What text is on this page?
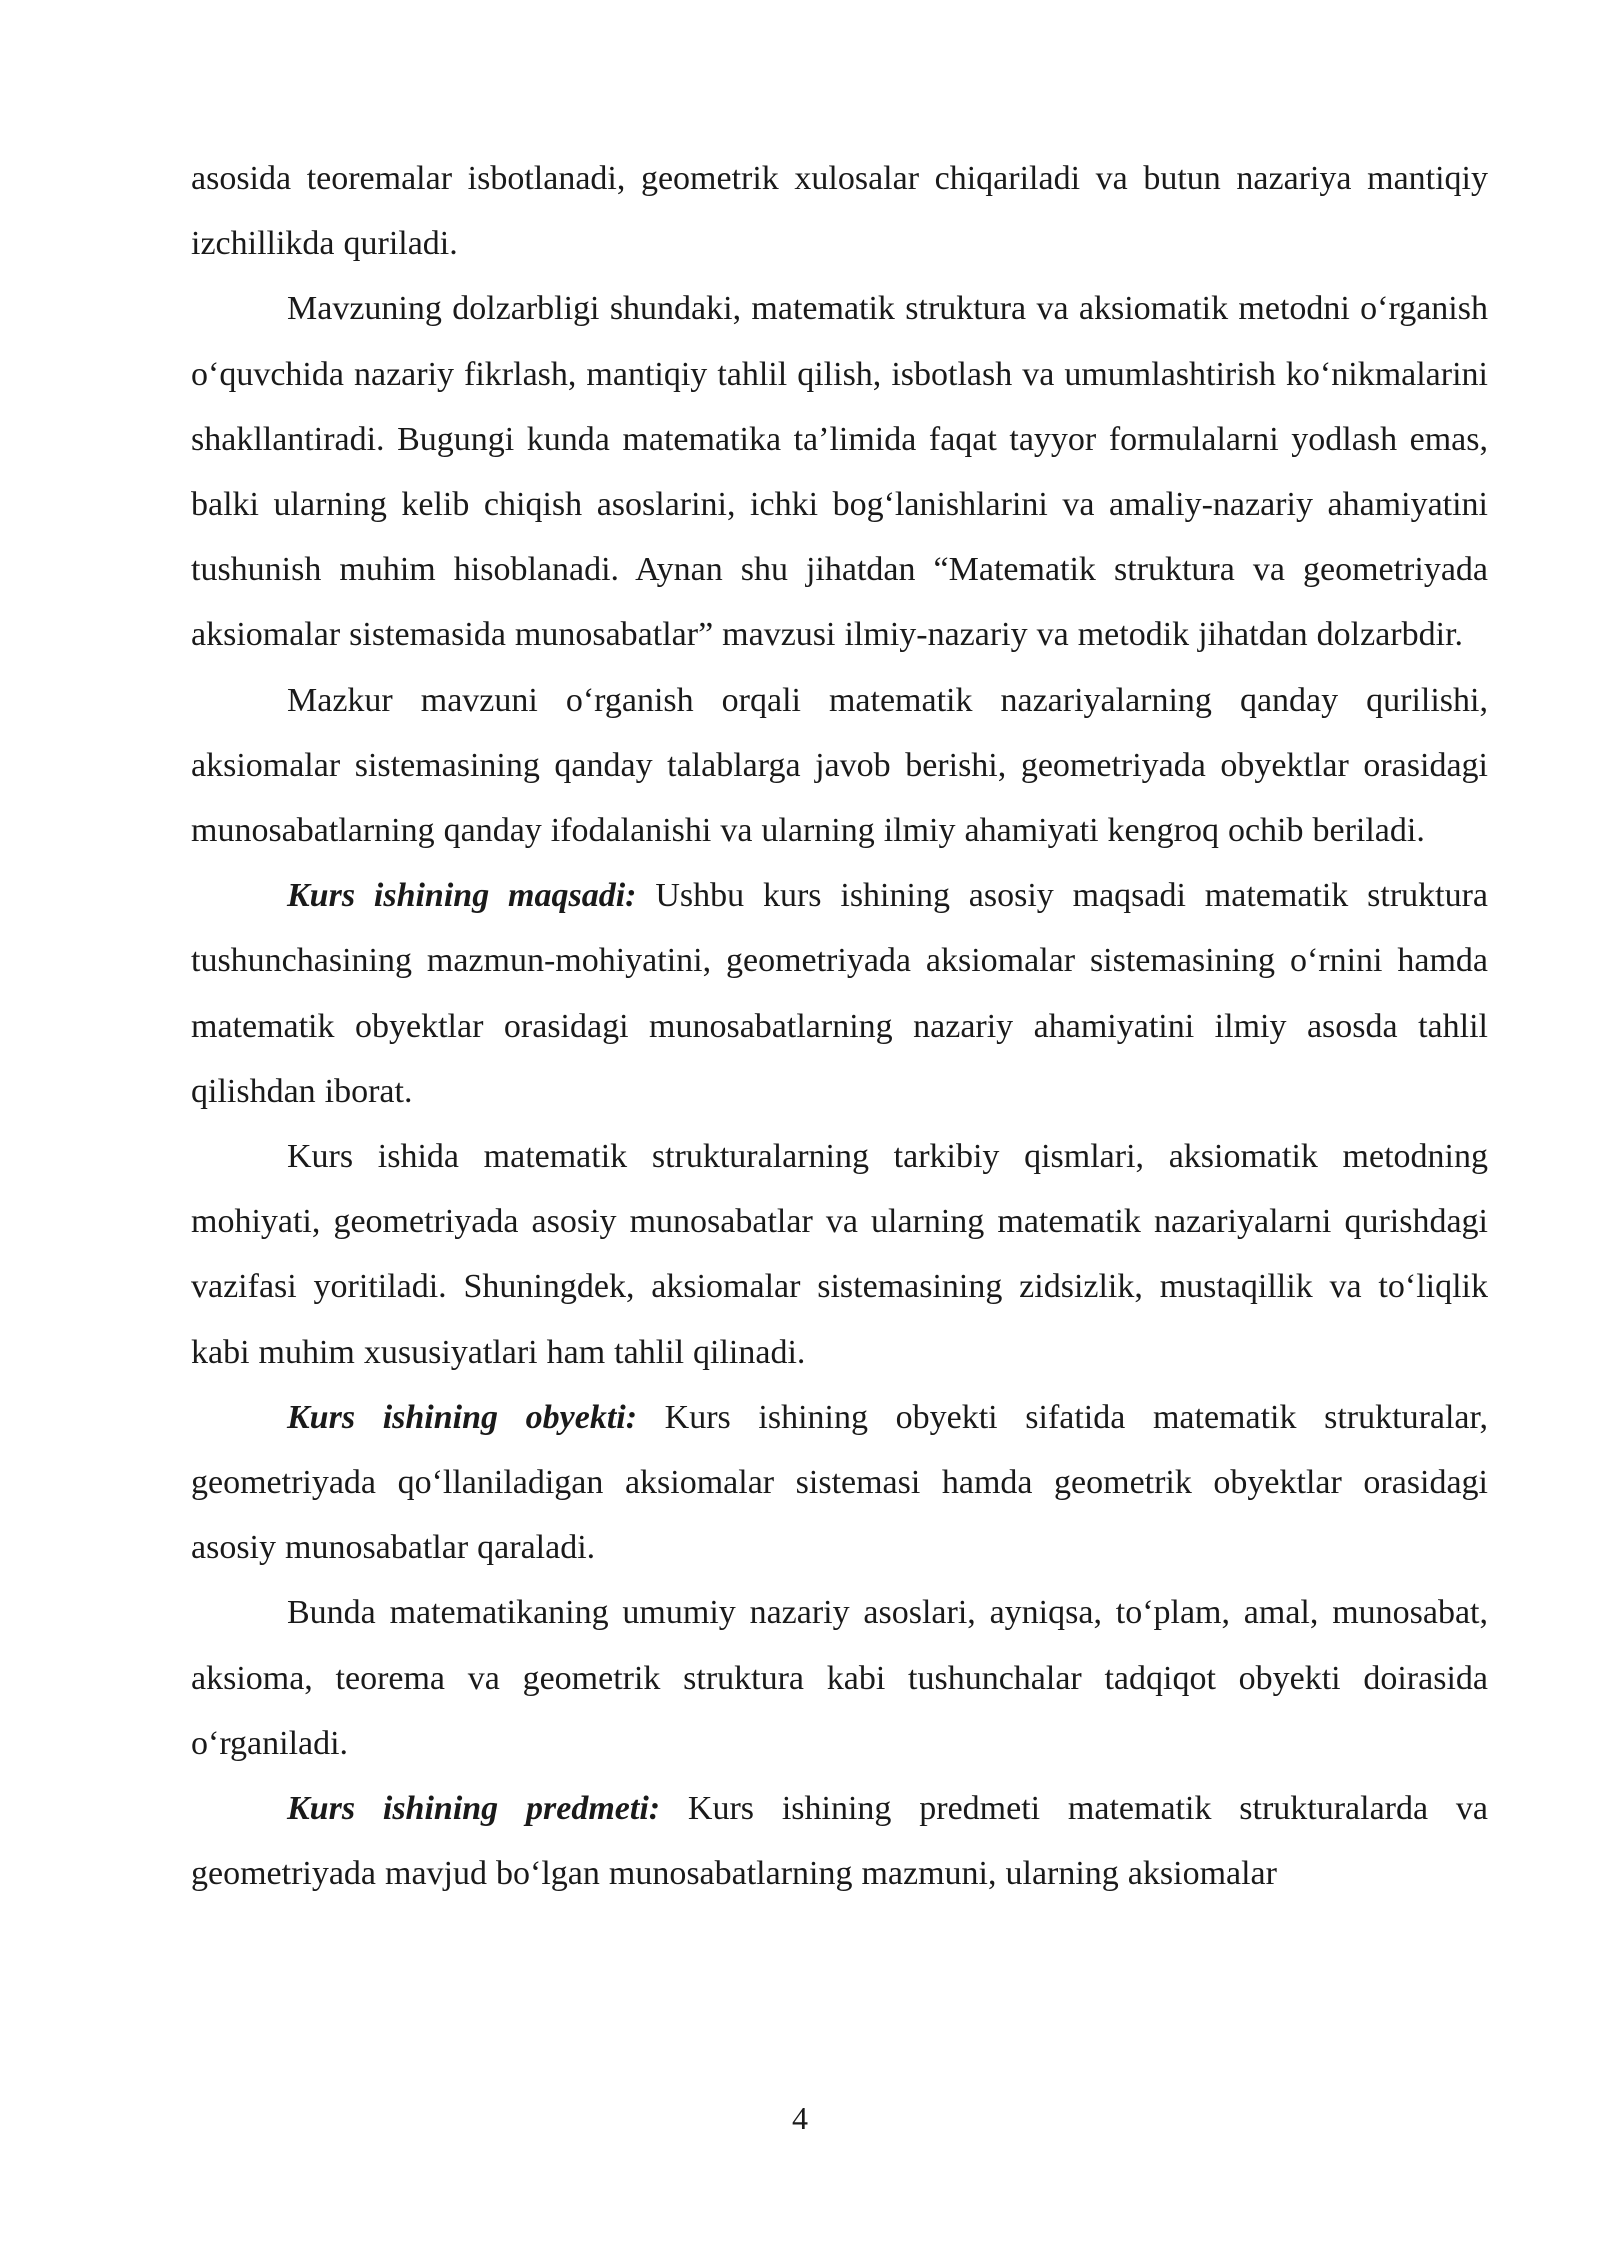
asosida teoremalar isbotlanadi, geometrik xulosalar chiqariladi va butun nazariya mantiqiy izchillikda quriladi.

Mavzuning dolzarbligi shundaki, matematik struktura va aksiomatik metodni o‘rganish o‘quvchida nazariy fikrlash, mantiqiy tahlil qilish, isbotlash va umumlashtirish ko‘nikmalarini shakllantiradi. Bugungi kunda matematika ta’limida faqat tayyor formulalarni yodlash emas, balki ularning kelib chiqish asoslarini, ichki bog‘lanishlarini va amaliy-nazariy ahamiyatini tushunish muhim hisoblanadi. Aynan shu jihatdan “Matematik struktura va geometriyada aksiomalar sistemasida munosabatlar” mavzusi ilmiy-nazariy va metodik jihatdan dolzarbdir.

Mazkur mavzuni o‘rganish orqali matematik nazariyalarning qanday qurilishi, aksiomalar sistemasining qanday talablarga javob berishi, geometriyada obyektlar orasidagi munosabatlarning qanday ifodalanishi va ularning ilmiy ahamiyati kengroq ochib beriladi.

Kurs ishining maqsadi: Ushbu kurs ishining asosiy maqsadi matematik struktura tushunchasining mazmun-mohiyatini, geometriyada aksiomalar sistemasining o‘rnini hamda matematik obyektlar orasidagi munosabatlarning nazariy ahamiyatini ilmiy asosda tahlil qilishdan iborat.

Kurs ishida matematik strukturalarning tarkibiy qismlari, aksiomatik metodning mohiyati, geometriyada asosiy munosabatlar va ularning matematik nazariyalarni qurishdagi vazifasi yoritiladi. Shuningdek, aksiomalar sistemasining zidsizlik, mustaqillik va to‘liqlik kabi muhim xususiyatlari ham tahlil qilinadi.

Kurs ishining obyekti: Kurs ishining obyekti sifatida matematik strukturalar, geometriyada qo‘llaniladigan aksiomalar sistemasi hamda geometrik obyektlar orasidagi asosiy munosabatlar qaraladi.

Bunda matematikaning umumiy nazariy asoslari, ayniqsa, to‘plam, amal, munosabat, aksioma, teorema va geometrik struktura kabi tushunchalar tadqiqot obyekti doirasida o‘rganiladi.

Kurs ishining predmeti: Kurs ishining predmeti matematik strukturalarda va geometriyada mavjud bo‘lgan munosabatlarning mazmuni, ularning aksiomalar

4
